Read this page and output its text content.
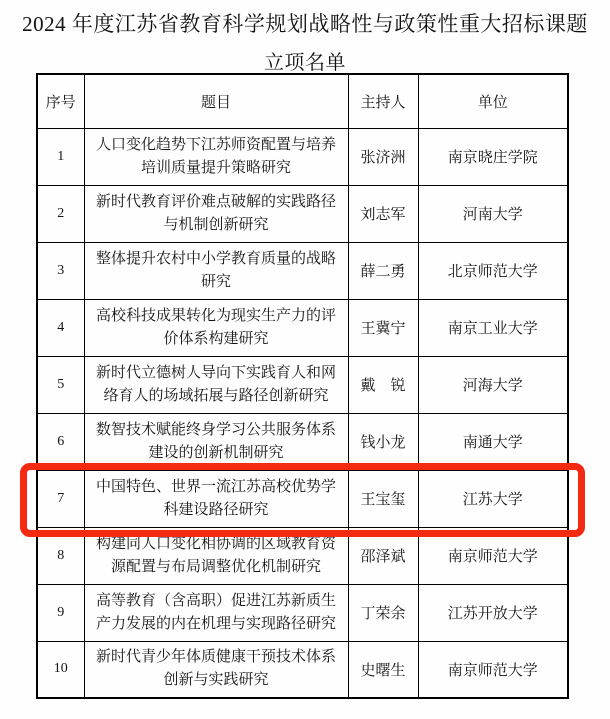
2024 年度江苏省教育科学规划战略性与政策性重大招标课题
立项名单
序号	题目	主持人	单位
1	人口变化趋势下江苏师资配置与培养培训质量提升策略研究	张济洲	南京晓庄学院
2	新时代教育评价难点破解的实践路径与机制创新研究	刘志军	河南大学
3	整体提升农村中小学教育质量的战略研究	薛二勇	北京师范大学
4	高校科技成果转化为现实生产力的评价体系构建研究	王冀宁	南京工业大学
5	新时代立德树人导向下实践育人和网络育人的场域拓展与路径创新研究	戴　锐	河海大学
6	数智技术赋能终身学习公共服务体系建设的创新机制研究	钱小龙	南通大学
7	中国特色、世界一流江苏高校优势学科建设路径研究	王宝玺	江苏大学
8	构建同人口变化相协调的区域教育资源配置与布局调整优化机制研究	邵泽斌	南京师范大学
9	高等教育（含高职）促进江苏新质生产力发展的内在机理与实现路径研究	丁荣余	江苏开放大学
10	新时代青少年体质健康干预技术体系创新与实践研究	史曙生	南京师范大学
